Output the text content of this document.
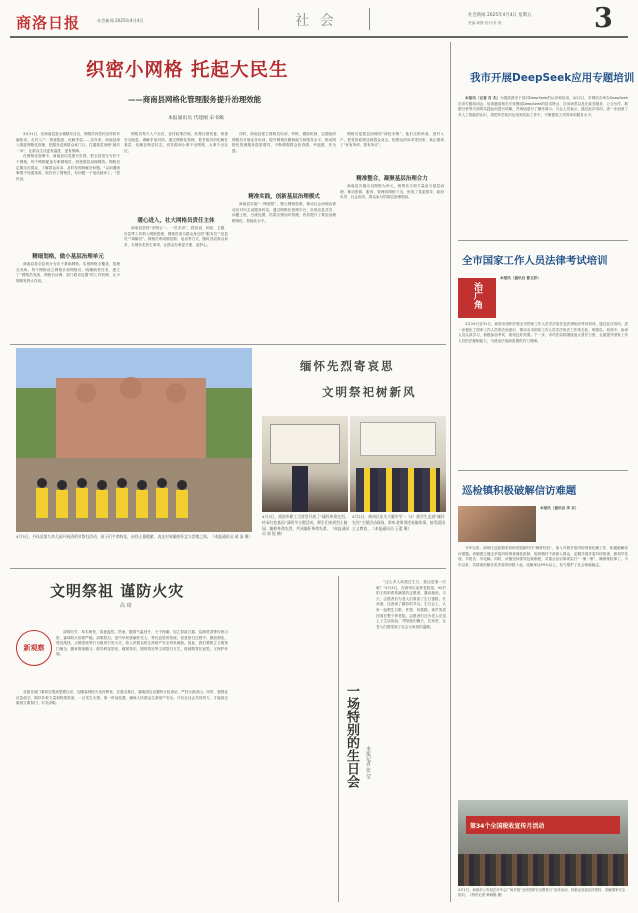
商洛日报	社会新闻 2025年4月4日	社 会	社会新闻 2025年4月4日 星期五
责编:黄静 校对:张 明	3
织密小网格 托起大民生
——商南县网格化管理服务提升治理效能
本报通讯员 代建刚 宋书佩

3月31日，在商南县富水镇镇东社区，网格员向居民宣传防诈骗知识。走村入户、排查隐患、化解矛盾……近年来，商南县深入推进网格化管理，把服务送到群众家门口，打通基层治理“最后一米”，让群众生活更有温度、更有保障。

在网格化管理中，商南县以党建为引领，把全县划分为若干个网格，每个网格配备专职网格员，织密基层治理网络。网格员定期走访群众，了解群众诉求，及时发现和解决问题。“以前遇到事情不知道找谁，现在有了网格员，有问题一个电话就来了。”居民说。

精细划格，做小基层治理单元
商南县将全县划分为若干基础网格，实现网格全覆盖、管理无死角。每个网格设立网格长和网格员，明确职责任务，建立了“网格员发现、网格长协调、部门联动处置”的工作机制，让小网格发挥大作用。
网格员每天入户走访，宣传政策法规，收集社情民意，排查安全隐患，调解矛盾纠纷。通过网格化管理，把矛盾纠纷化解在基层、化解在萌芽状态，切实做到小事不出网格、大事不出社区。
暖心进入，社大网格员责任主体
商南县坚持“多网合一、一员多用”，将综治、民政、卫健、应急等工作纳入网格管理，网格员成为群众身边的“服务员”“信息员”“调解员”。网格员利用微信群、电话等方式，随时回应群众诉求，办理各类民生事项，让群众办事更方便、更舒心。
同时，商南县建立网格员培训、考核、激励机制，定期组织网格员开展业务培训，提升网格员履职能力和服务水平，推动网格化管理服务提质增效，不断增强群众获得感、幸福感、安全感。
精准实践，创新基层治理模式
商南县实施“一网统管”，整合网格资源，推动社会治理由被动应对向主动服务转变。通过网格化管理平台，实现信息共享、问题上报、分流处置、结果反馈闭环管理，有效提升了基层治理精细化、智能化水平。
网格员是基层治理的“神经末梢”，他们走街串巷、进村入户，把党的政策送到群众身边，把群众的诉求带回来，真正做到了“民有所呼、我有所应”。
精准整合，凝聚基层治理合力
商南县各镇办以网格为单元，统筹各方面力量参与基层治理，推动资源、服务、管理向网格下沉，形成了党委领导、政府负责、社会协同、群众参与的基层治理格局。
我市开展DeepSeek应用专题培训

本报讯（记者 肖 杰）为提高我市干部对DeepSeek的认识和应用，4月2日，市网信办举办DeepSeek应用专题培训会。培训邀请相关专家围绕DeepSeek的技术特点、应用场景以及在政务服务、公文写作、数据分析等方面的实践运用进行讲解，并现场进行了操作演示。与会人员表示，通过此次培训，进一步加深了对人工智能的认识，将把所学知识运用到实际工作中，不断提高工作效率和服务水平。

全市国家工作人员法律考试培训
治广角
本报讯（通讯员 曹文彩）
3月24日至31日，商洛市组织开展全市国家工作人员学法用法及法律知识考试培训。通过此次培训，进一步强化了国家工作人员的法治意识，推动全市国家工作人员学法用法工作常态化、制度化。培训中，参训人员认真学习，积极参加考试，取得良好效果。下一步，市司法局将继续加大普法力度，全面提升国家工作人员依法履职能力，为建设法治商洛提供有力保障。
巡检镇积极破解信访难题
本报讯（通讯员 李 东）
今年以来，商州区巡检镇坚持和发展新时代“枫桥经验”，深入开展矛盾纠纷排查化解工作，积极破解信访难题。该镇建立健全矛盾纠纷排查调处机制，组织镇村干部深入群众，定期开展矛盾纠纷排查，做到早发现、早报告、早化解。同时，该镇坚持领导包案制度，对重点信访事项实行“一案一策”，确保案结事了。今年以来，共排查化解各类矛盾纠纷数十起，化解率达95%以上，有力维护了社会和谐稳定。
第34个全国税收宣传月活动
4月1日，商洛市公安局在市中心广场开展“全民国家安全教育日”宣传活动，向群众发放宣传资料，讲解国家安全知识。（特约记者 韩海娟 摄）
4月3日，丹凤县第九幼儿园开展清明节祭扫活动，孩子们手拿鲜花，向烈士墓敬献，表达对英雄的怀念与崇敬之情。（本报通讯员 郝 清 摄）
缅怀先烈寄哀思
文明祭祀树新风
4月3日，商洛市职工大讲堂开展了“缅怀革命先烈，传承红色基因”清明节主题活动。师生们来到烈士陵园，瞻仰革命先烈，共同缅怀革命先辈。（本报通讯员 郭 锐 摄）
4月2日，商州区东关大雁中学一（2）班学生走进“缅怀先烈”主题活动现场，聆听老师讲述英雄故事，接受爱国主义教育。（本报通讯员 王蕾 摄）
文明祭祖 谨防火灾
高 琦
新观察
清明时节，草木萌发，春意盎然。然而，随着气温回升，天干物燥，加之祭祖扫墓、烧纸焚香等传统习俗，森林防火形势严峻。清明祭扫，是中华民族缅怀先人、寄托哀思的传统，但是祭扫过程中，燃放烟花、焚烧纸钱、点燃香烛等行为极易引发火灾，给人民群众的生命财产安全带来威胁。因此，我们要树立文明祭扫理念，摒弃陈规陋习，倡导鲜花祭祀、植树祭祀、网络祭祀等文明祭扫方式，做到既寄托哀思，又保护环境。
各级各部门要切实提高思想认识，加强森林防火宣传教育，在重点林区、墓地周边设置防火检查站，严控火源进山。同时，要强化应急值守，做好扑救力量和物资准备，一旦发生火情，第一时间处置，确保人民群众生命财产安全。只有全社会共同努力，才能真正做到文明祭扫、平安清明。	一场特别的生日会	本报记者 张 莹
“这么多人给我过生日，我还是第一次呢！”4月3日，在商州区某养老院里，92岁的王奶奶看着满屋的志愿者，激动地说。当天，志愿者们为老人们准备了生日蛋糕、长寿面，还表演了精彩的节目。生日会上，大家一起唱生日歌、许愿、切蛋糕，欢声笑语回荡在整个养老院。志愿者们还为老人们送上了生活用品，并陪他们聊天、拉家常，让老人们感受到了社会大家庭的温暖。
